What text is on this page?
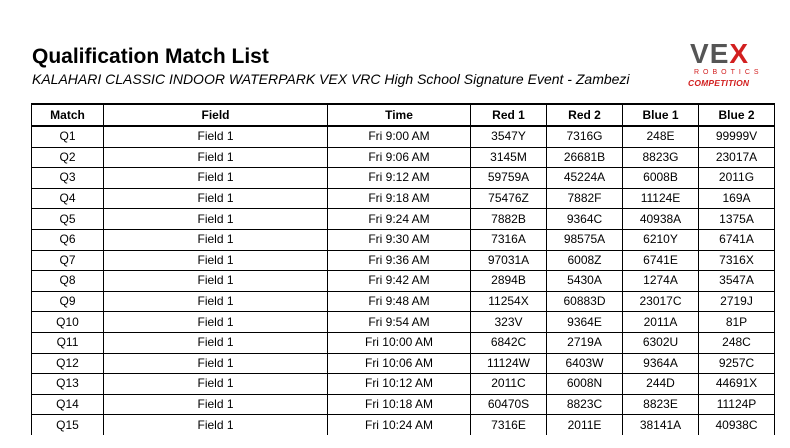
Qualification Match List
KALAHARI CLASSIC INDOOR WATERPARK VEX VRC High School Signature Event - Zambezi
VEX
ROBOTICS
COMPETITION
Match	Field	Time	Red 1	Red 2	Blue 1	Blue 2
Q1	Field 1	Fri 9:00 AM	3547Y	7316G	248E	99999V
Q2	Field 1	Fri 9:06 AM	3145M	26681B	8823G	23017A
Q3	Field 1	Fri 9:12 AM	59759A	45224A	6008B	2011G
Q4	Field 1	Fri 9:18 AM	75476Z	7882F	11124E	169A
Q5	Field 1	Fri 9:24 AM	7882B	9364C	40938A	1375A
Q6	Field 1	Fri 9:30 AM	7316A	98575A	6210Y	6741A
Q7	Field 1	Fri 9:36 AM	97031A	6008Z	6741E	7316X
Q8	Field 1	Fri 9:42 AM	2894B	5430A	1274A	3547A
Q9	Field 1	Fri 9:48 AM	11254X	60883D	23017C	2719J
Q10	Field 1	Fri 9:54 AM	323V	9364E	2011A	81P
Q11	Field 1	Fri 10:00 AM	6842C	2719A	6302U	248C
Q12	Field 1	Fri 10:06 AM	11124W	6403W	9364A	9257C
Q13	Field 1	Fri 10:12 AM	2011C	6008N	244D	44691X
Q14	Field 1	Fri 10:18 AM	60470S	8823C	8823E	11124P
Q15	Field 1	Fri 10:24 AM	7316E	2011E	38141A	40938C
